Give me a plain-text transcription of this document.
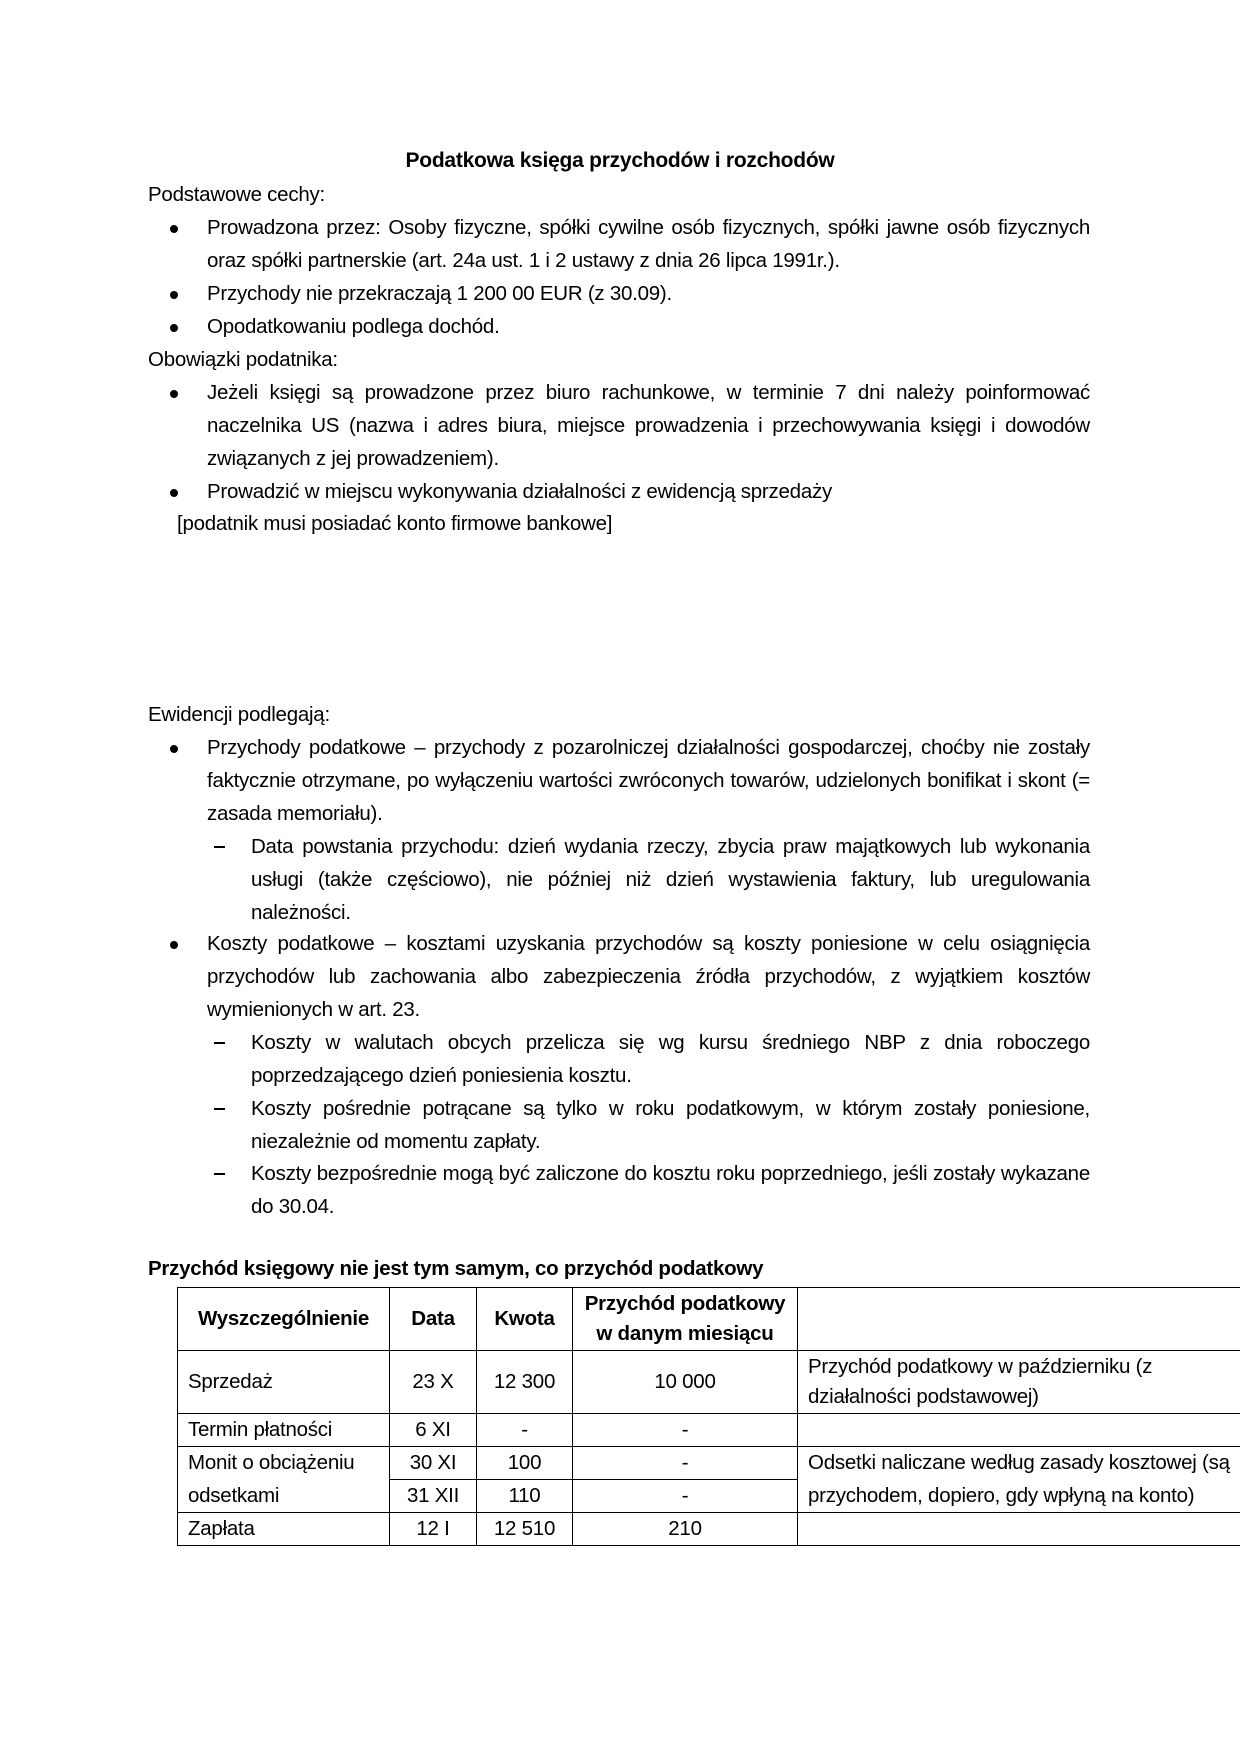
Podatkowa księga przychodów i rozchodów

Podstawowe cechy:

Prowadzona przez: Osoby fizyczne, spółki cywilne osób fizycznych, spółki jawne osób fizycznych oraz spółki partnerskie (art. 24a ust. 1 i 2 ustawy z dnia 26 lipca 1991r.).
Przychody nie przekraczają 1 200 00 EUR (z 30.09).
Opodatkowaniu podlega dochód.

Obowiązki podatnika:

Jeżeli księgi są prowadzone przez biuro rachunkowe, w terminie 7 dni należy poinformować naczelnika US (nazwa i adres biura, miejsce prowadzenia i przechowywania księgi i dowodów związanych z jej prowadzeniem).
Prowadzić w miejscu wykonywania działalności z ewidencją sprzedaży

[podatnik musi posiadać konto firmowe bankowe]

Ewidencji podlegają:

Przychody podatkowe – przychody z pozarolniczej działalności gospodarczej, choćby nie zostały faktycznie otrzymane, po wyłączeniu wartości zwróconych towarów, udzielonych bonifikat i skont (= zasada memoriału).
Data powstania przychodu: dzień wydania rzeczy, zbycia praw majątkowych lub wykonania usługi (także częściowo), nie później niż dzień wystawienia faktury, lub uregulowania należności.
Koszty podatkowe – kosztami uzyskania przychodów są koszty poniesione w celu osiągnięcia przychodów lub zachowania albo zabezpieczenia źródła przychodów, z wyjątkiem kosztów wymienionych w art. 23.
Koszty w walutach obcych przelicza się wg kursu średniego NBP z dnia roboczego poprzedzającego dzień poniesienia kosztu.
Koszty pośrednie potrącane są tylko w roku podatkowym, w którym zostały poniesione, niezależnie od momentu zapłaty.
Koszty bezpośrednie mogą być zaliczone do kosztu roku poprzedniego, jeśli zostały wykazane do 30.04.

Przychód księgowy nie jest tym samym, co przychód podatkowy

Wyszczególnienie	Data	Kwota	Przychód podatkowy w danym miesiącu	
Sprzedaż	23 X	12 300	10 000	Przychód podatkowy w październiku (z
działalności podstawowej)

Termin płatności	6 XI	-	-	
Monit o obciążeniu	30 XI	100	-	Odsetki naliczane według zasady kosztowej (są
odsetkami	31 XII	110	-	przychodem, dopiero, gdy wpłyną na konto)
Zapłata	12 I	12 510	210	
